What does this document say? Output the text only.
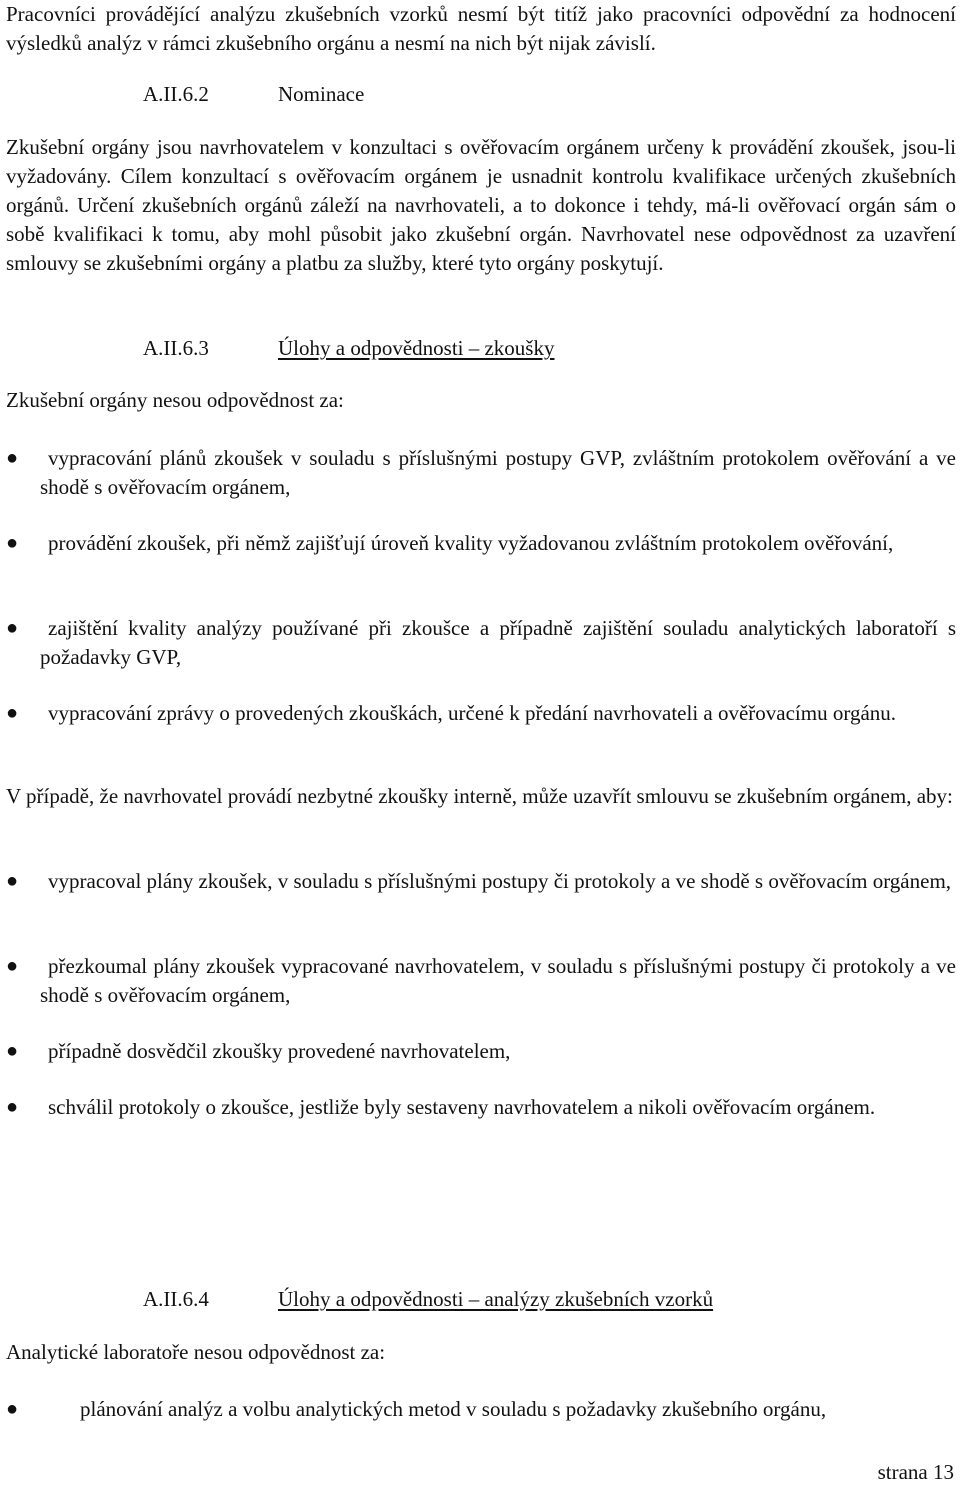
Pracovníci provádějící analýzu zkušebních vzorků nesmí být titíž jako pracovníci odpovědní za hodnocení výsledků analýz v rámci zkušebního orgánu a nesmí na nich být nijak závislí.

A.II.6.2	Nominace

Zkušební orgány jsou navrhovatelem v konzultaci s ověřovacím orgánem určeny k provádění zkoušek, jsou-li vyžadovány. Cílem konzultací s ověřovacím orgánem je usnadnit kontrolu kvalifikace určených zkušebních orgánů. Určení zkušebních orgánů záleží na navrhovateli, a to dokonce i tehdy, má-li ověřovací orgán sám o sobě kvalifikaci k tomu, aby mohl působit jako zkušební orgán. Navrhovatel nese odpovědnost za uzavření smlouvy se zkušebními orgány a platbu za služby, které tyto orgány poskytují.

A.II.6.3	Úlohy a odpovědnosti – zkoušky
Zkušební orgány nesou odpovědnost za:
●	vypracování plánů zkoušek v souladu s příslušnými postupy GVP, zvláštním protokolem ověřování a ve shodě s ověřovacím orgánem,
●	provádění zkoušek, při němž zajišťují úroveň kvality vyžadovanou zvláštním protokolem ověřování,
●	zajištění kvality analýzy používané při zkoušce a případně zajištění souladu analytických laboratoří s požadavky GVP,
●	vypracování zprávy o provedených zkouškách, určené k předání navrhovateli a ověřovacímu orgánu.

V případě, že navrhovatel provádí nezbytné zkoušky interně, může uzavřít smlouvu se zkušebním orgánem, aby:

●	vypracoval plány zkoušek, v souladu s příslušnými postupy či protokoly a ve shodě s ověřovacím orgánem,
●	přezkoumal plány zkoušek vypracované navrhovatelem, v souladu s příslušnými postupy či protokoly a ve shodě s ověřovacím orgánem,
●	případně dosvědčil zkoušky provedené navrhovatelem,
●	schválil protokoly o zkoušce, jestliže byly sestaveny navrhovatelem a nikoli ověřovacím orgánem.
A.II.6.4	Úlohy a odpovědnosti – analýzy zkušebních vzorků
Analytické laboratoře nesou odpovědnost za:
●	plánování analýz a volbu analytických metod v souladu s požadavky zkušebního orgánu,
strana 13
